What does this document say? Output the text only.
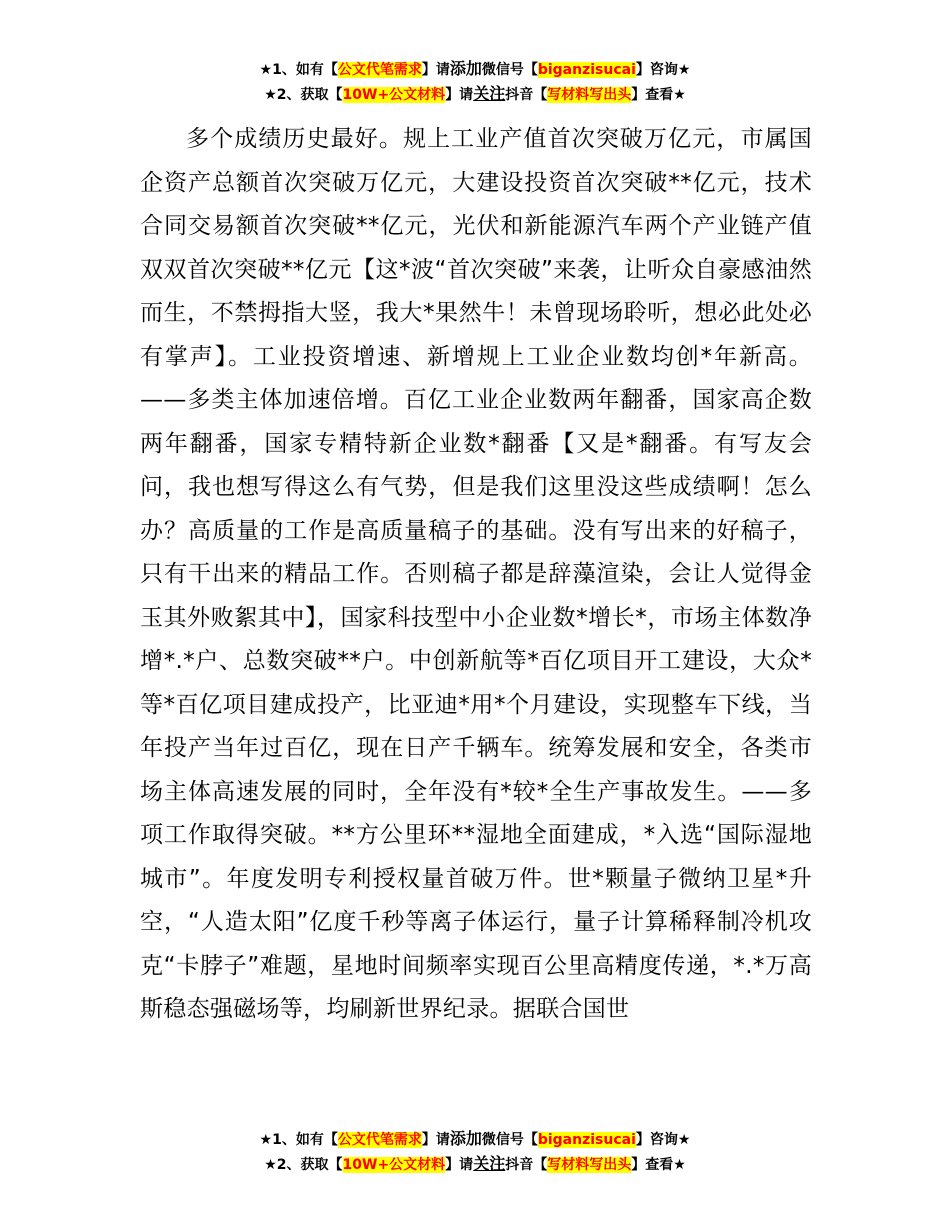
★1、如有【公文代笔需求】请添加微信号【biganzisucai】咨询★
★2、获取【10W+公文材料】请关注抖音【写材料写出头】查看★

多个成绩历史最好。规上工业产值首次突破万亿元，市属国企资产总额首次突破万亿元，大建设投资首次突破**亿元，技术合同交易额首次突破**亿元，光伏和新能源汽车两个产业链产值双双首次突破**亿元【这*波“首次突破”来袭，让听众自豪感油然而生，不禁拇指大竖，我大*果然牛！未曾现场聆听，想必此处必有掌声】。工业投资增速、新增规上工业企业数均创*年新高。——多类主体加速倍增。百亿工业企业数两年翻番，国家高企数两年翻番，国家专精特新企业数*翻番【又是*翻番。有写友会问，我也想写得这么有气势，但是我们这里没这些成绩啊！怎么办？高质量的工作是高质量稿子的基础。没有写出来的好稿子，只有干出来的精品工作。否则稿子都是辞藻渲染，会让人觉得金玉其外败絮其中】，国家科技型中小企业数*增长*，市场主体数净增*.*户、总数突破**户。中创新航等*百亿项目开工建设，大众*等*百亿项目建成投产，比亚迪*用*个月建设，实现整车下线，当年投产当年过百亿，现在日产千辆车。统筹发展和安全，各类市场主体高速发展的同时，全年没有*较*全生产事故发生。——多项工作取得突破。**方公里环**湿地全面建成，*入选“国际湿地城市”。年度发明专利授权量首破万件。世*颗量子微纳卫星*升空，“人造太阳”亿度千秒等离子体运行，量子计算稀释制冷机攻克“卡脖子”难题，星地时间频率实现百公里高精度传递，*.*万高斯稳态强磁场等，均刷新世界纪录。据联合国世

★1、如有【公文代笔需求】请添加微信号【biganzisucai】咨询★
★2、获取【10W+公文材料】请关注抖音【写材料写出头】查看★
